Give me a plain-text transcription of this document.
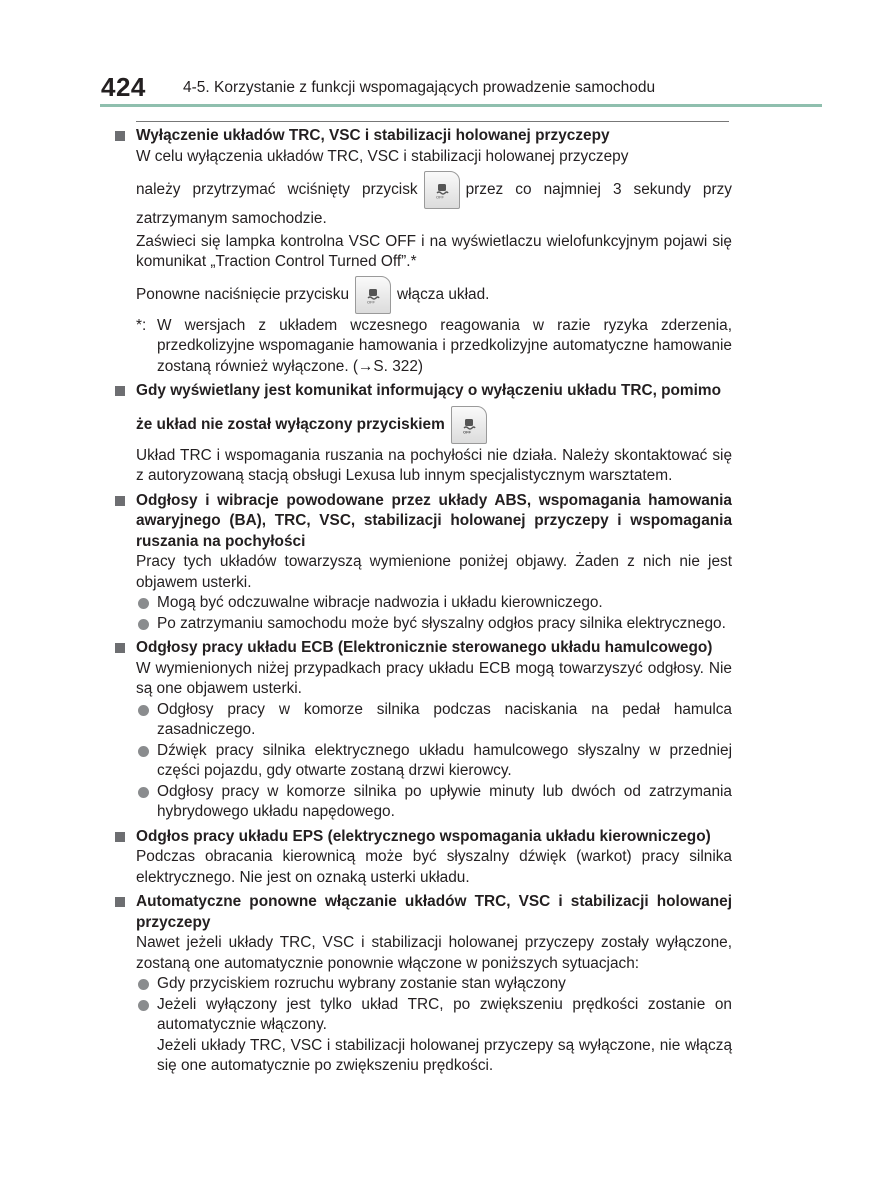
424 4-5. Korzystanie z funkcji wspomagających prowadzenie samochodu
Wyłączenie układów TRC, VSC i stabilizacji holowanej przyczepy

W celu wyłączenia układów TRC, VSC i stabilizacji holowanej przyczepy

należy przytrzymać wciśnięty przycisk	OFF przez co najmniej 3 sekundy przy zatrzymanym samochodzie.

Zaświeci się lampka kontrolna VSC OFF i na wyświetlaczu wielofunkcyjnym pojawi się komunikat „Traction Control Turned Off”.*

Ponowne naciśnięcie przycisku	OFF włącza układ.

*: W wersjach z układem wczesnego reagowania w razie ryzyka zderzenia, przedkolizyjne wspomaganie hamowania i przedkolizyjne automatyczne hamowanie zostaną również wyłączone. (→S. 322)
Gdy wyświetlany jest komunikat informujący o wyłączeniu układu TRC, pomimo
że układ nie został wyłączony przyciskiem	OFF

Układ TRC i wspomagania ruszania na pochyłości nie działa. Należy skontaktować się z autoryzowaną stacją obsługi Lexusa lub innym specjalistycznym warsztatem.

Odgłosy i wibracje powodowane przez układy ABS, wspomagania hamowania awaryjnego (BA), TRC, VSC, stabilizacji holowanej przyczepy i wspomagania ruszania na pochyłości

Pracy tych układów towarzyszą wymienione poniżej objawy. Żaden z nich nie jest objawem usterki.

Mogą być odczuwalne wibracje nadwozia i układu kierowniczego.
Po zatrzymaniu samochodu może być słyszalny odgłos pracy silnika elektrycznego.
Odgłosy pracy układu ECB (Elektronicznie sterowanego układu hamulcowego)

W wymienionych niżej przypadkach pracy układu ECB mogą towarzyszyć odgłosy. Nie są one objawem usterki.

Odgłosy pracy w komorze silnika podczas naciskania na pedał hamulca zasadniczego.
Dźwięk pracy silnika elektrycznego układu hamulcowego słyszalny w przedniej części pojazdu, gdy otwarte zostaną drzwi kierowcy.
Odgłosy pracy w komorze silnika po upływie minuty lub dwóch od zatrzymania hybrydowego układu napędowego.
Odgłos pracy układu EPS (elektrycznego wspomagania układu kierowniczego)

Podczas obracania kierownicą może być słyszalny dźwięk (warkot) pracy silnika elektrycznego. Nie jest on oznaką usterki układu.

Automatyczne ponowne włączanie układów TRC, VSC i stabilizacji holowanej przyczepy

Nawet jeżeli układy TRC, VSC i stabilizacji holowanej przyczepy zostały wyłączone, zostaną one automatycznie ponownie włączone w poniższych sytuacjach:

Gdy przyciskiem rozruchu wybrany zostanie stan wyłączony
Jeżeli wyłączony jest tylko układ TRC, po zwiększeniu prędkości zostanie on automatycznie włączony.

Jeżeli układy TRC, VSC i stabilizacji holowanej przyczepy są wyłączone, nie włączą się one automatycznie po zwiększeniu prędkości.
